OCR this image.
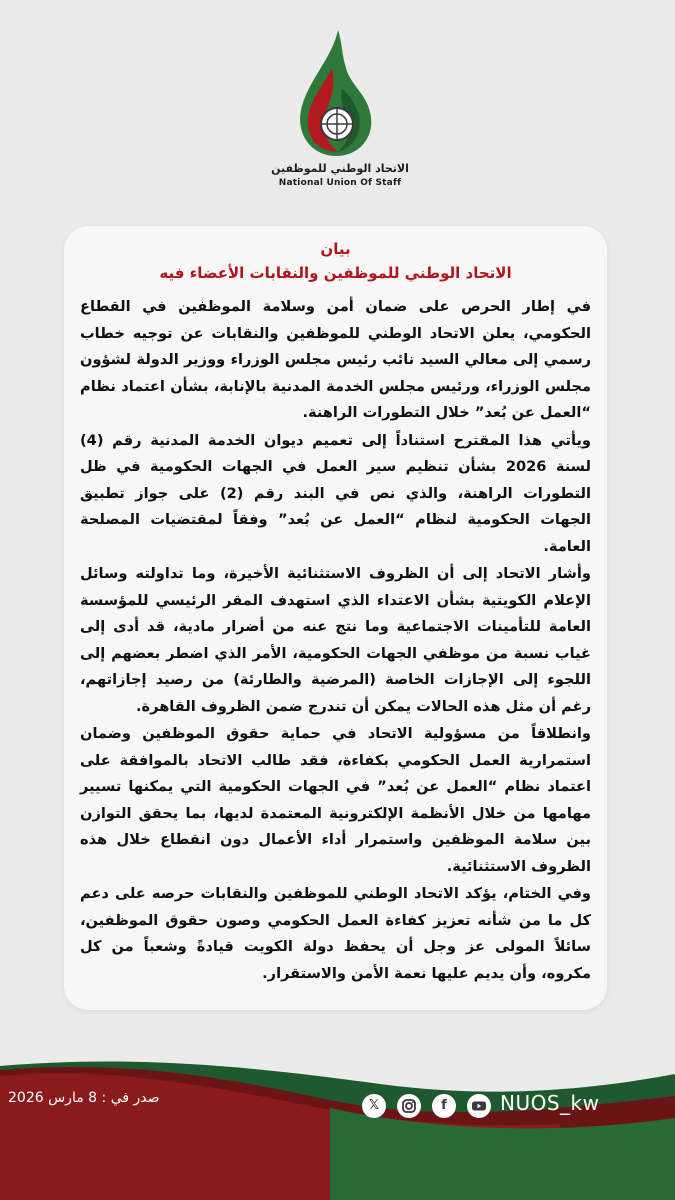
الاتحاد الوطني للموظفين
National Union Of Staff
بيان
الاتحاد الوطني للموظفين والنقابات الأعضاء فيه

في إطار الحرص على ضمان أمن وسلامة الموظفين في القطاع الحكومي، يعلن الاتحاد الوطني للموظفين والنقابات عن توجيه خطاب رسمي إلى معالي السيد نائب رئيس مجلس الوزراء ووزير الدولة لشؤون مجلس الوزراء، ورئيس مجلس الخدمة المدنية بالإنابة، بشأن اعتماد نظام “العمل عن بُعد” خلال التطورات الراهنة.

ويأتي هذا المقترح استناداً إلى تعميم ديوان الخدمة المدنية رقم (4) لسنة 2026 بشأن تنظيم سير العمل في الجهات الحكومية في ظل التطورات الراهنة، والذي نص في البند رقم (2) على جواز تطبيق الجهات الحكومية لنظام “العمل عن بُعد” وفقاً لمقتضيات المصلحة العامة.

وأشار الاتحاد إلى أن الظروف الاستثنائية الأخيرة، وما تداولته وسائل الإعلام الكويتية بشأن الاعتداء الذي استهدف المقر الرئيسي للمؤسسة العامة للتأمينات الاجتماعية وما نتج عنه من أضرار مادية، قد أدى إلى غياب نسبة من موظفي الجهات الحكومية، الأمر الذي اضطر بعضهم إلى اللجوء إلى الإجازات الخاصة (المرضية والطارئة) من رصيد إجازاتهم، رغم أن مثل هذه الحالات يمكن أن تندرج ضمن الظروف القاهرة.

وانطلاقاً من مسؤولية الاتحاد في حماية حقوق الموظفين وضمان استمرارية العمل الحكومي بكفاءة، فقد طالب الاتحاد بالموافقة على اعتماد نظام “العمل عن بُعد” في الجهات الحكومية التي يمكنها تسيير مهامها من خلال الأنظمة الإلكترونية المعتمدة لديها، بما يحقق التوازن بين سلامة الموظفين واستمرار أداء الأعمال دون انقطاع خلال هذه الظروف الاستثنائية.

وفي الختام، يؤكد الاتحاد الوطني للموظفين والنقابات حرصه على دعم كل ما من شأنه تعزيز كفاءة العمل الحكومي وصون حقوق الموظفين، سائلاً المولى عز وجل أن يحفظ دولة الكويت قيادةً وشعباً من كل مكروه، وأن يديم عليها نعمة الأمن والاستقرار.

صدر في : 8 مارس 2026	𝕏	f	NUOS_kw
